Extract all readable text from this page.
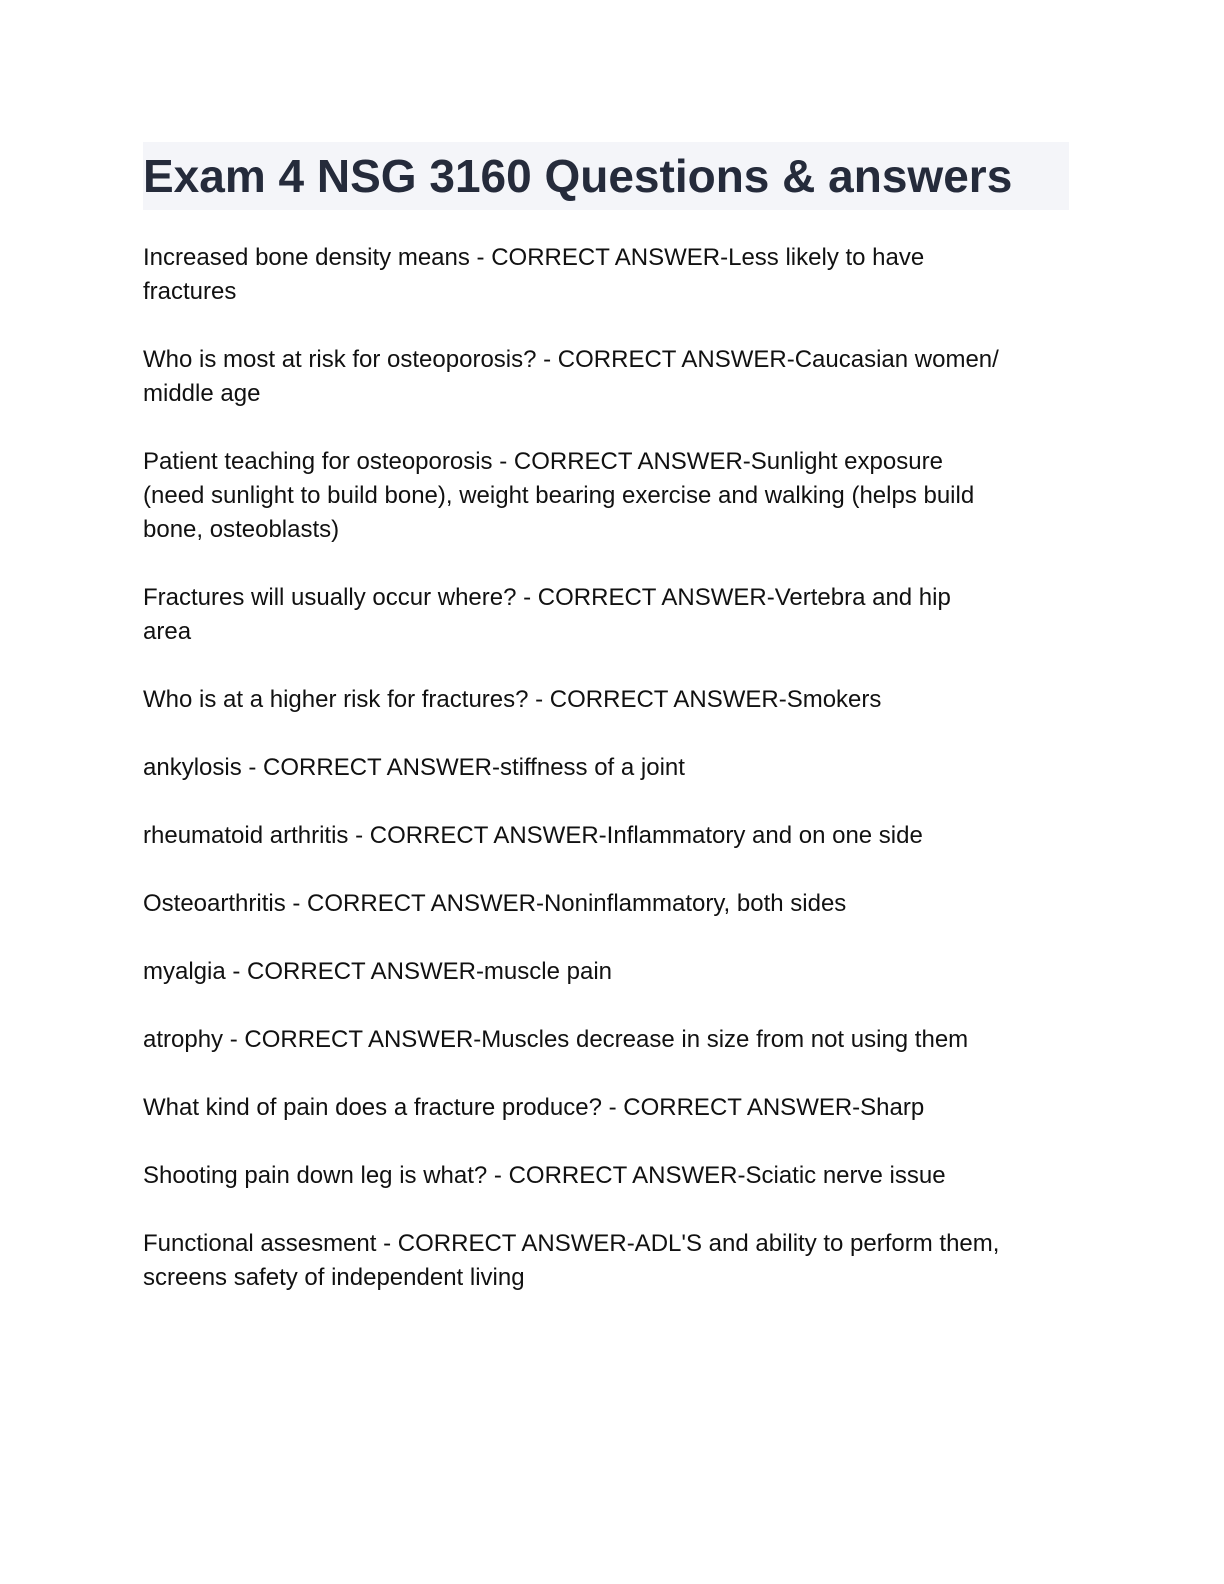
Exam 4 NSG 3160 Questions & answers
Increased bone density means - CORRECT ANSWER-Less likely to have
fractures
Who is most at risk for osteoporosis? - CORRECT ANSWER-Caucasian women/
middle age
Patient teaching for osteoporosis - CORRECT ANSWER-Sunlight exposure
(need sunlight to build bone), weight bearing exercise and walking (helps build
bone, osteoblasts)
Fractures will usually occur where? - CORRECT ANSWER-Vertebra and hip
area
Who is at a higher risk for fractures? - CORRECT ANSWER-Smokers
ankylosis - CORRECT ANSWER-stiffness of a joint
rheumatoid arthritis - CORRECT ANSWER-Inflammatory and on one side
Osteoarthritis - CORRECT ANSWER-Noninflammatory, both sides
myalgia - CORRECT ANSWER-muscle pain
atrophy - CORRECT ANSWER-Muscles decrease in size from not using them
What kind of pain does a fracture produce? - CORRECT ANSWER-Sharp
Shooting pain down leg is what? - CORRECT ANSWER-Sciatic nerve issue
Functional assesment - CORRECT ANSWER-ADL'S and ability to perform them,
screens safety of independent living
